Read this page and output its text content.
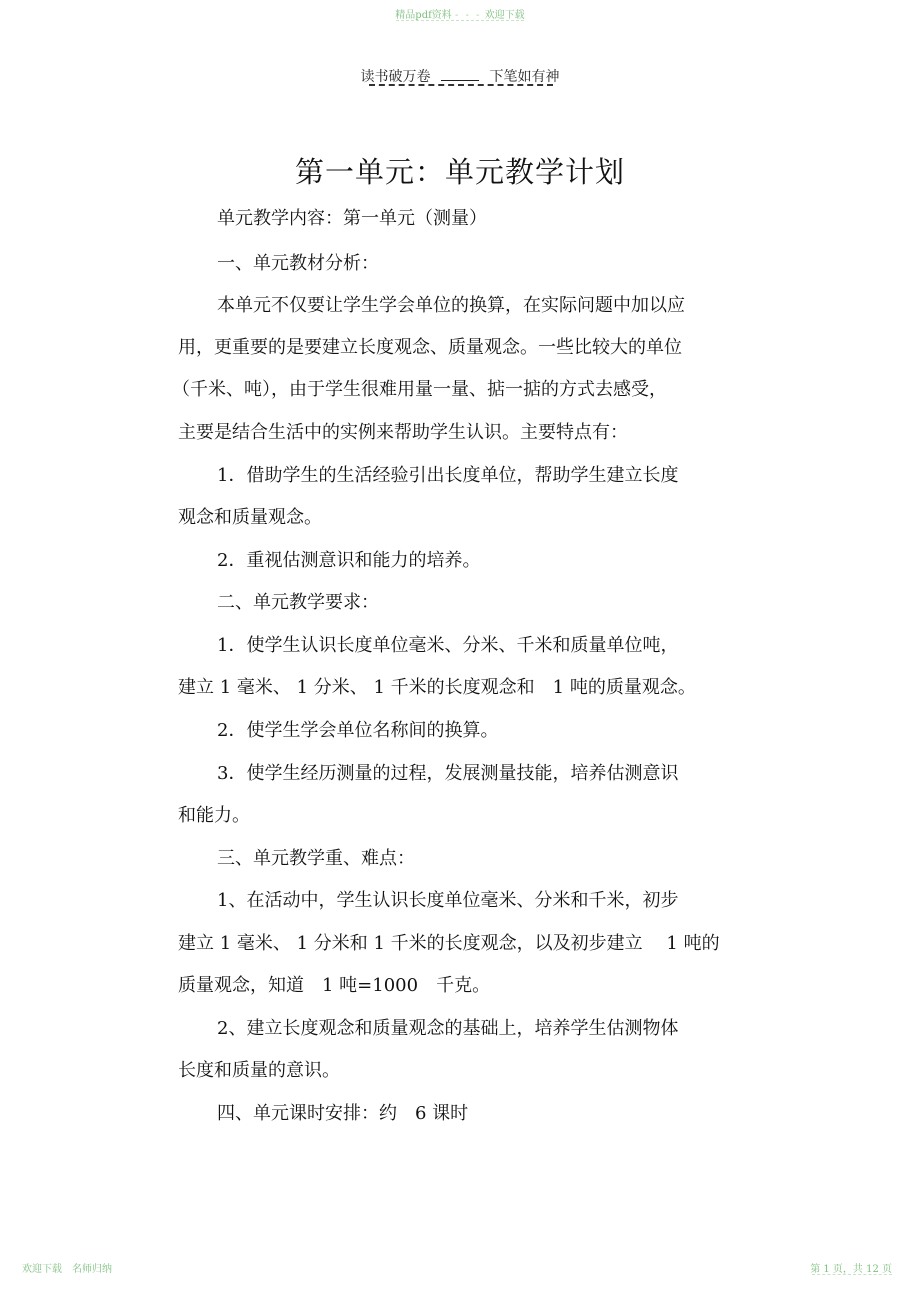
精品pdf资料 - - - 欢迎下载
读书破万卷	下笔如有神
第一单元：单元教学计划
单元教学内容：第一单元（测量）
一、单元教材分析：
本单元不仅要让学生学会单位的换算，在实际问题中加以应
用，更重要的是要建立长度观念、质量观念。一些比较大的单位
（千米、吨），由于学生很难用量一量、掂一掂的方式去感受，
主要是结合生活中的实例来帮助学生认识。主要特点有：
1．借助学生的生活经验引出长度单位，帮助学生建立长度
观念和质量观念。
2．重视估测意识和能力的培养。
二、单元教学要求：
1．使学生认识长度单位毫米、分米、千米和质量单位吨，
建立 1 毫米、 1 分米、 1 千米的长度观念和　1 吨的质量观念。
2．使学生学会单位名称间的换算。
3．使学生经历测量的过程，发展测量技能，培养估测意识
和能力。
三、单元教学重、难点：
1、在活动中，学生认识长度单位毫米、分米和千米，初步
建立 1 毫米、 1 分米和 1 千米的长度观念，以及初步建立　 1 吨的
质量观念，知道　1 吨=1000　千克。
2、建立长度观念和质量观念的基础上，培养学生估测物体
长度和质量的意识。
四、单元课时安排：约　6 课时
欢迎下载　名师归纳	第 1 页，共 12 页
